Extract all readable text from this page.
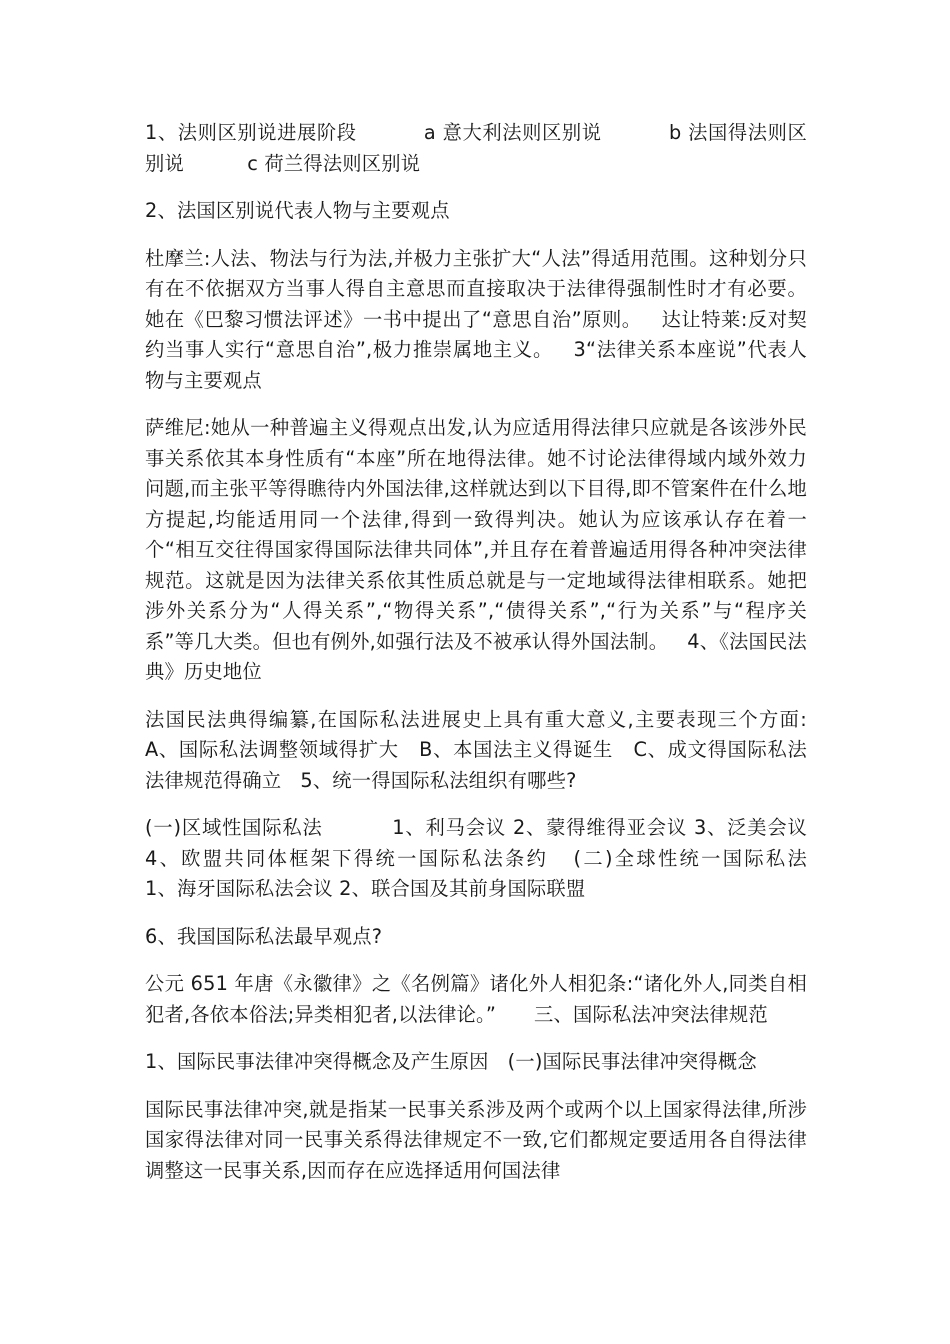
1、法则区别说进展阶段          a 意大利法则区别说          b 法国得法则区别说          c 荷兰得法则区别说

2、法国区别说代表人物与主要观点

杜摩兰:人法、物法与行为法,并极力主张扩大“人法”得适用范围。这种划分只有在不依据双方当事人得自主意思而直接取决于法律得强制性时才有必要。她在《巴黎习惯法评述》一书中提出了“意思自治”原则。   达让特莱:反对契约当事人实行“意思自治”,极力推崇属地主义。   3“法律关系本座说”代表人物与主要观点

萨维尼:她从一种普遍主义得观点出发,认为应适用得法律只应就是各该涉外民事关系依其本身性质有“本座”所在地得法律。她不讨论法律得域内域外效力问题,而主张平等得瞧待内外国法律,这样就达到以下目得,即不管案件在什么地方提起,均能适用同一个法律,得到一致得判决。她认为应该承认存在着一个“相互交往得国家得国际法律共同体”,并且存在着普遍适用得各种冲突法律规范。这就是因为法律关系依其性质总就是与一定地域得法律相联系。她把涉外关系分为“人得关系”,“物得关系”,“债得关系”,“行为关系”与“程序关系”等几大类。但也有例外,如强行法及不被承认得外国法制。   4、《法国民法典》历史地位

法国民法典得编纂,在国际私法进展史上具有重大意义,主要表现三个方面: A、国际私法调整领域得扩大   B、本国法主义得诞生   C、成文得国际私法法律规范得确立   5、统一得国际私法组织有哪些?

(一)区域性国际私法          1、利马会议 2、蒙得维得亚会议 3、泛美会议 4、欧盟共同体框架下得统一国际私法条约   (二)全球性统一国际私法          1、海牙国际私法会议 2、联合国及其前身国际联盟

6、我国国际私法最早观点?

公元 651 年唐《永徽律》之《名例篇》诸化外人相犯条:“诸化外人,同类自相犯者,各依本俗法;异类相犯者,以法律论。”      三、国际私法冲突法律规范

1、国际民事法律冲突得概念及产生原因   (一)国际民事法律冲突得概念

国际民事法律冲突,就是指某一民事关系涉及两个或两个以上国家得法律,所涉国家得法律对同一民事关系得法律规定不一致,它们都规定要适用各自得法律调整这一民事关系,因而存在应选择适用何国法律
